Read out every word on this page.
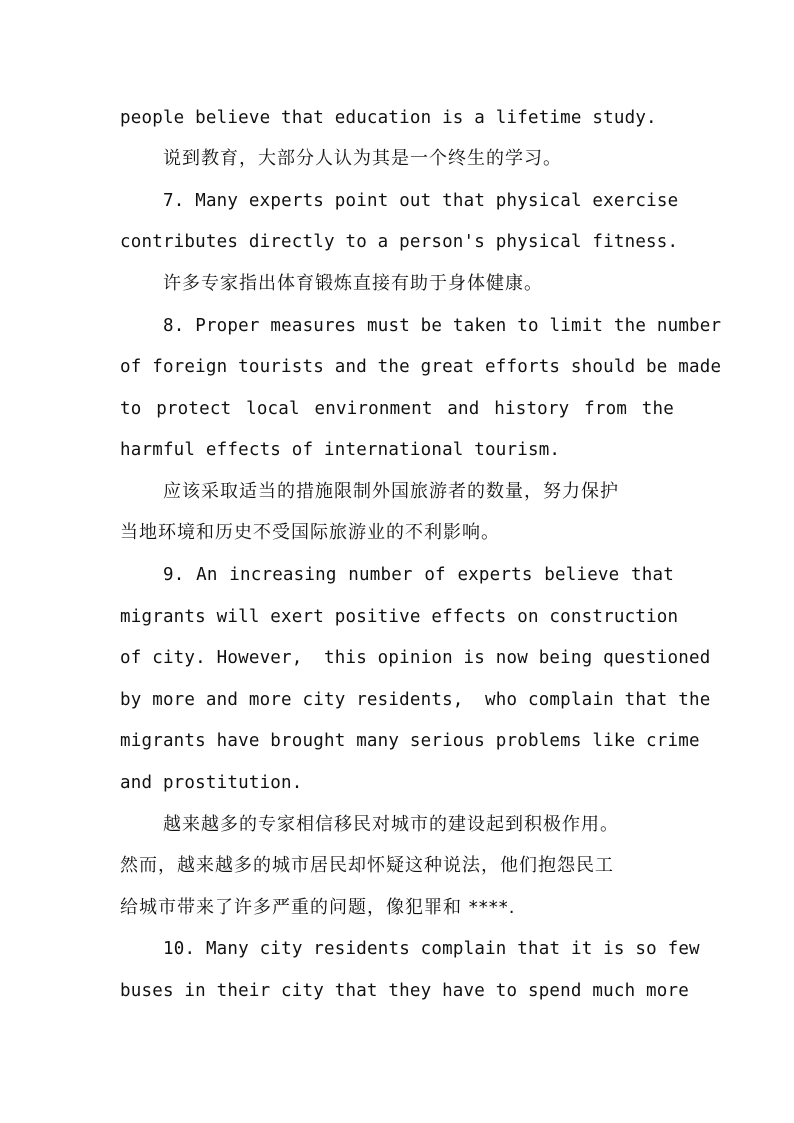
people believe that education is a lifetime study.
说到教育，大部分人认为其是一个终生的学习。
7. Many experts point out that physical exercise
contributes directly to a person's physical fitness.
许多专家指出体育锻炼直接有助于身体健康。
8. Proper measures must be taken to limit the number
of foreign tourists and the great efforts should be made
to protect local environment and history from the
harmful effects of international tourism.
应该采取适当的措施限制外国旅游者的数量，努力保护
当地环境和历史不受国际旅游业的不利影响。
9. An increasing number of experts believe that
migrants will exert positive effects on construction
of city. However,  this opinion is now being questioned
by more and more city residents,  who complain that the
migrants have brought many serious problems like crime
and prostitution.
越来越多的专家相信移民对城市的建设起到积极作用。
然而，越来越多的城市居民却怀疑这种说法，他们抱怨民工
给城市带来了许多严重的问题，像犯罪和 ****.
10. Many city residents complain that it is so few
buses in their city that they have to spend much more
